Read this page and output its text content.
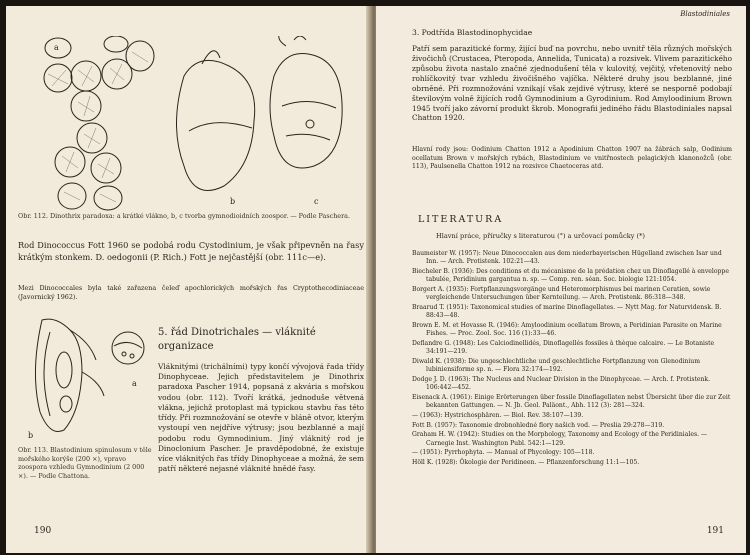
a
b	c
Obr. 112. Dinothrix paradoxa: a krátké vlákno, b, c tvorba gymnodioidních zoospor. — Podle Paschera.
Rod Dinococcus Fott 1960 se podobá rodu Cystodinium, je však připevněn na řasy krátkým stonkem. D. oedogonii (P. Rich.) Fott je nejčastější (obr. 111c—e).
Mezi Dinococcales byla také zařazena čeleď apochlorických mořských řas Cryptothecodiniaceae (Javornický 1962).
a
b
5. řád Dinotrichales — vláknité organizace
Vláknitými (trichálními) typy končí vývojová řada třídy Dinophyceae. Jejich představitelem je Dinothrix paradoxa Pascher 1914, popsaná z akvária s mořskou vodou (obr. 112). Tvoří krátká, jednoduše větvená vlákna, jejichž protoplast má typickou stavbu řas této třídy. Při rozmnožování se otevře v bláně otvor, kterým vystoupí ven nejdříve výtrusy; jsou bezblanné a mají podobu rodu Gymnodinium. Jiný vláknitý rod je Dinoclonium Pascher. Je pravděpodobné, že existuje více vláknitých řas třídy Dinophyceae a možná, že sem patří některé nejasné vláknité hnědé řasy.
Obr. 113. Blastodinium spinulosum v těle mořského korýše (200 ×), vpravo zoospora vzhledu Gymnodinium (2 000 ×). — Podle Chattona.
190
Blastodiniales
3. Podtřída Blastodinophycidae
Patří sem parazitické formy, žijící buď na povrchu, nebo uvnitř těla různých mořských živočichů (Crustacea, Pteropoda, Annelida, Tunicata) a rozsivek. Vlivem parazitického způsobu života nastalo značné zjednodušení těla v kulovitý, vejčitý, vřetenovitý nebo rohlíčkovitý tvar vzhledu živočišného vajíčka. Některé druhy jsou bezblanné, jiné obrněné. Při rozmnožování vznikají však zejdivé výtrusy, které se nesporně podobají številovým volně žijících rodů Gymnodinium a Gyrodinium. Rod Amyloodinium Brown 1945 tvoří jako závorní produkt škrob. Monografii jediného řádu Blastodiniales napsal Chatton 1920.
Hlavní rody jsou: Oodinium Chatton 1912 a Apodinium Chatton 1907 na žábrách salp, Oodinium ocellatum Brown v mořských rybách, Blastodinium ve vnitřnostech pelagických klanonožců (obr. 113), Paulsenella Chatton 1912 na rozsivce Chaetoceras atd.
LITERATURA
Hlavní práce, příručky s literaturou (°) a určovací pomůcky (*)

Baumeister W. (1957): Neue Dinococcalen aus dem niederbayerischen Hügelland zwischen Isar und Inn. — Arch. Protistenk. 102:21—43.

Biecheler B. (1936): Des conditions et du mécanisme de la prédation chez un Dinoflagellé à enveloppe tabulée, Peridinium gargantua n. sp. — Comp. ren. séan. Soc. biologie 121:1054.

Borgert A. (1935): Fortpflanzungsvorgänge und Heteromorphismus bei marinen Ceratien, sowie vergleichende Untersuchungen über Kernteilung. — Arch. Protistenk. 86:318—348.

Braarud T. (1951): Taxonomical studies of marine Dinoflagellates. — Nytt Mag. for Naturvidensk. B. 88:43—48.

Brown E. M. et Hovasse R. (1946): Amyloodinium ocellatum Brown, a Peridinian Parasite on Marine Fishes. — Proc. Zool. Soc. 116 (1):33—46.

Deflandre G. (1948): Les Calciodinellidés, Dinoflagellés fossiles à thèque calcaire. — Le Botaniste 34:191—219.

Diwald K. (1938): Die ungeschlechtliche und geschlechtliche Fortpflanzung von Glenodinium lubiniensiforme sp. n. — Flora 32:174—192.

Dodge J. D. (1963): The Nucleus and Nuclear Division in the Dinophyceae. — Arch. f. Protistenk. 106:442—452.

Eisenack A. (1961): Einige Erörterungen über fossile Dinoflagellaten nebst Übersicht über die zur Zeit bekannten Gattungen. — N. Jb. Geol. Paläont., Abh. 112 (3): 281—324.

— (1963): Hystrichosphären. — Biol. Rev. 38:107—139.

Fott B. (1957): Taxonomie drobnohledné flory našich vod. — Preslia 29:278—319.

Graham H. W. (1942): Studies on the Morphology, Taxonomy and Ecology of the Peridiniales. — Carnegie Inst. Washington Publ. 542:1—129.

— (1951): Pyrrhophyta. — Manual of Phycology: 105—118.

Höll K. (1928): Ökologie der Peridineen. — Pflanzenforschung 11:1—105.

191
